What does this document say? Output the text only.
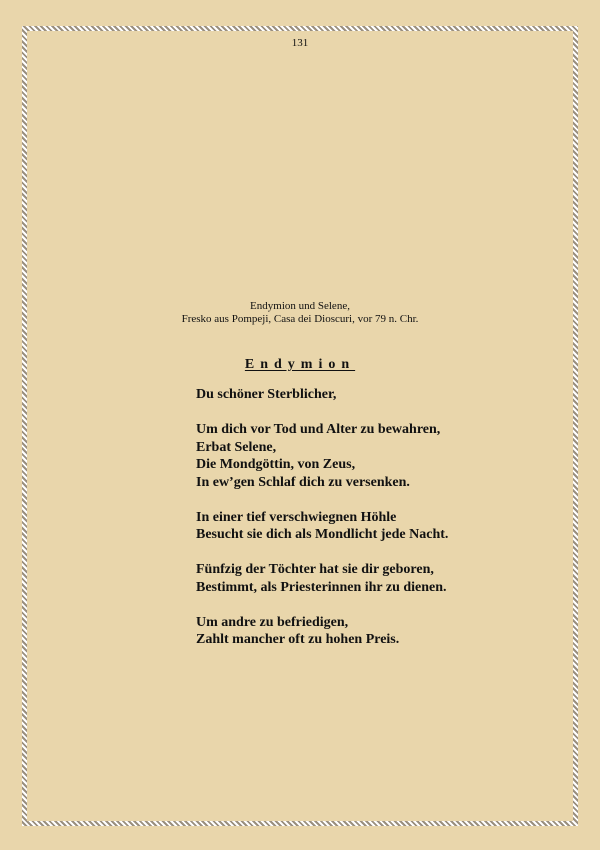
131
Endymion und Selene,
Fresko aus Pompeji, Casa dei Dioscuri, vor 79 n. Chr.
Endymion
Du schöner Sterblicher,
Um dich vor Tod und Alter zu bewahren,
Erbat Selene,
Die Mondgöttin, von Zeus,
In ew’gen Schlaf dich zu versenken.
In einer tief verschwiegnen Höhle
Besucht sie dich als Mondlicht jede Nacht.
Fünfzig der Töchter hat sie dir geboren,
Bestimmt, als Priesterinnen ihr zu dienen.
Um andre zu befriedigen,
Zahlt mancher oft zu hohen Preis.
